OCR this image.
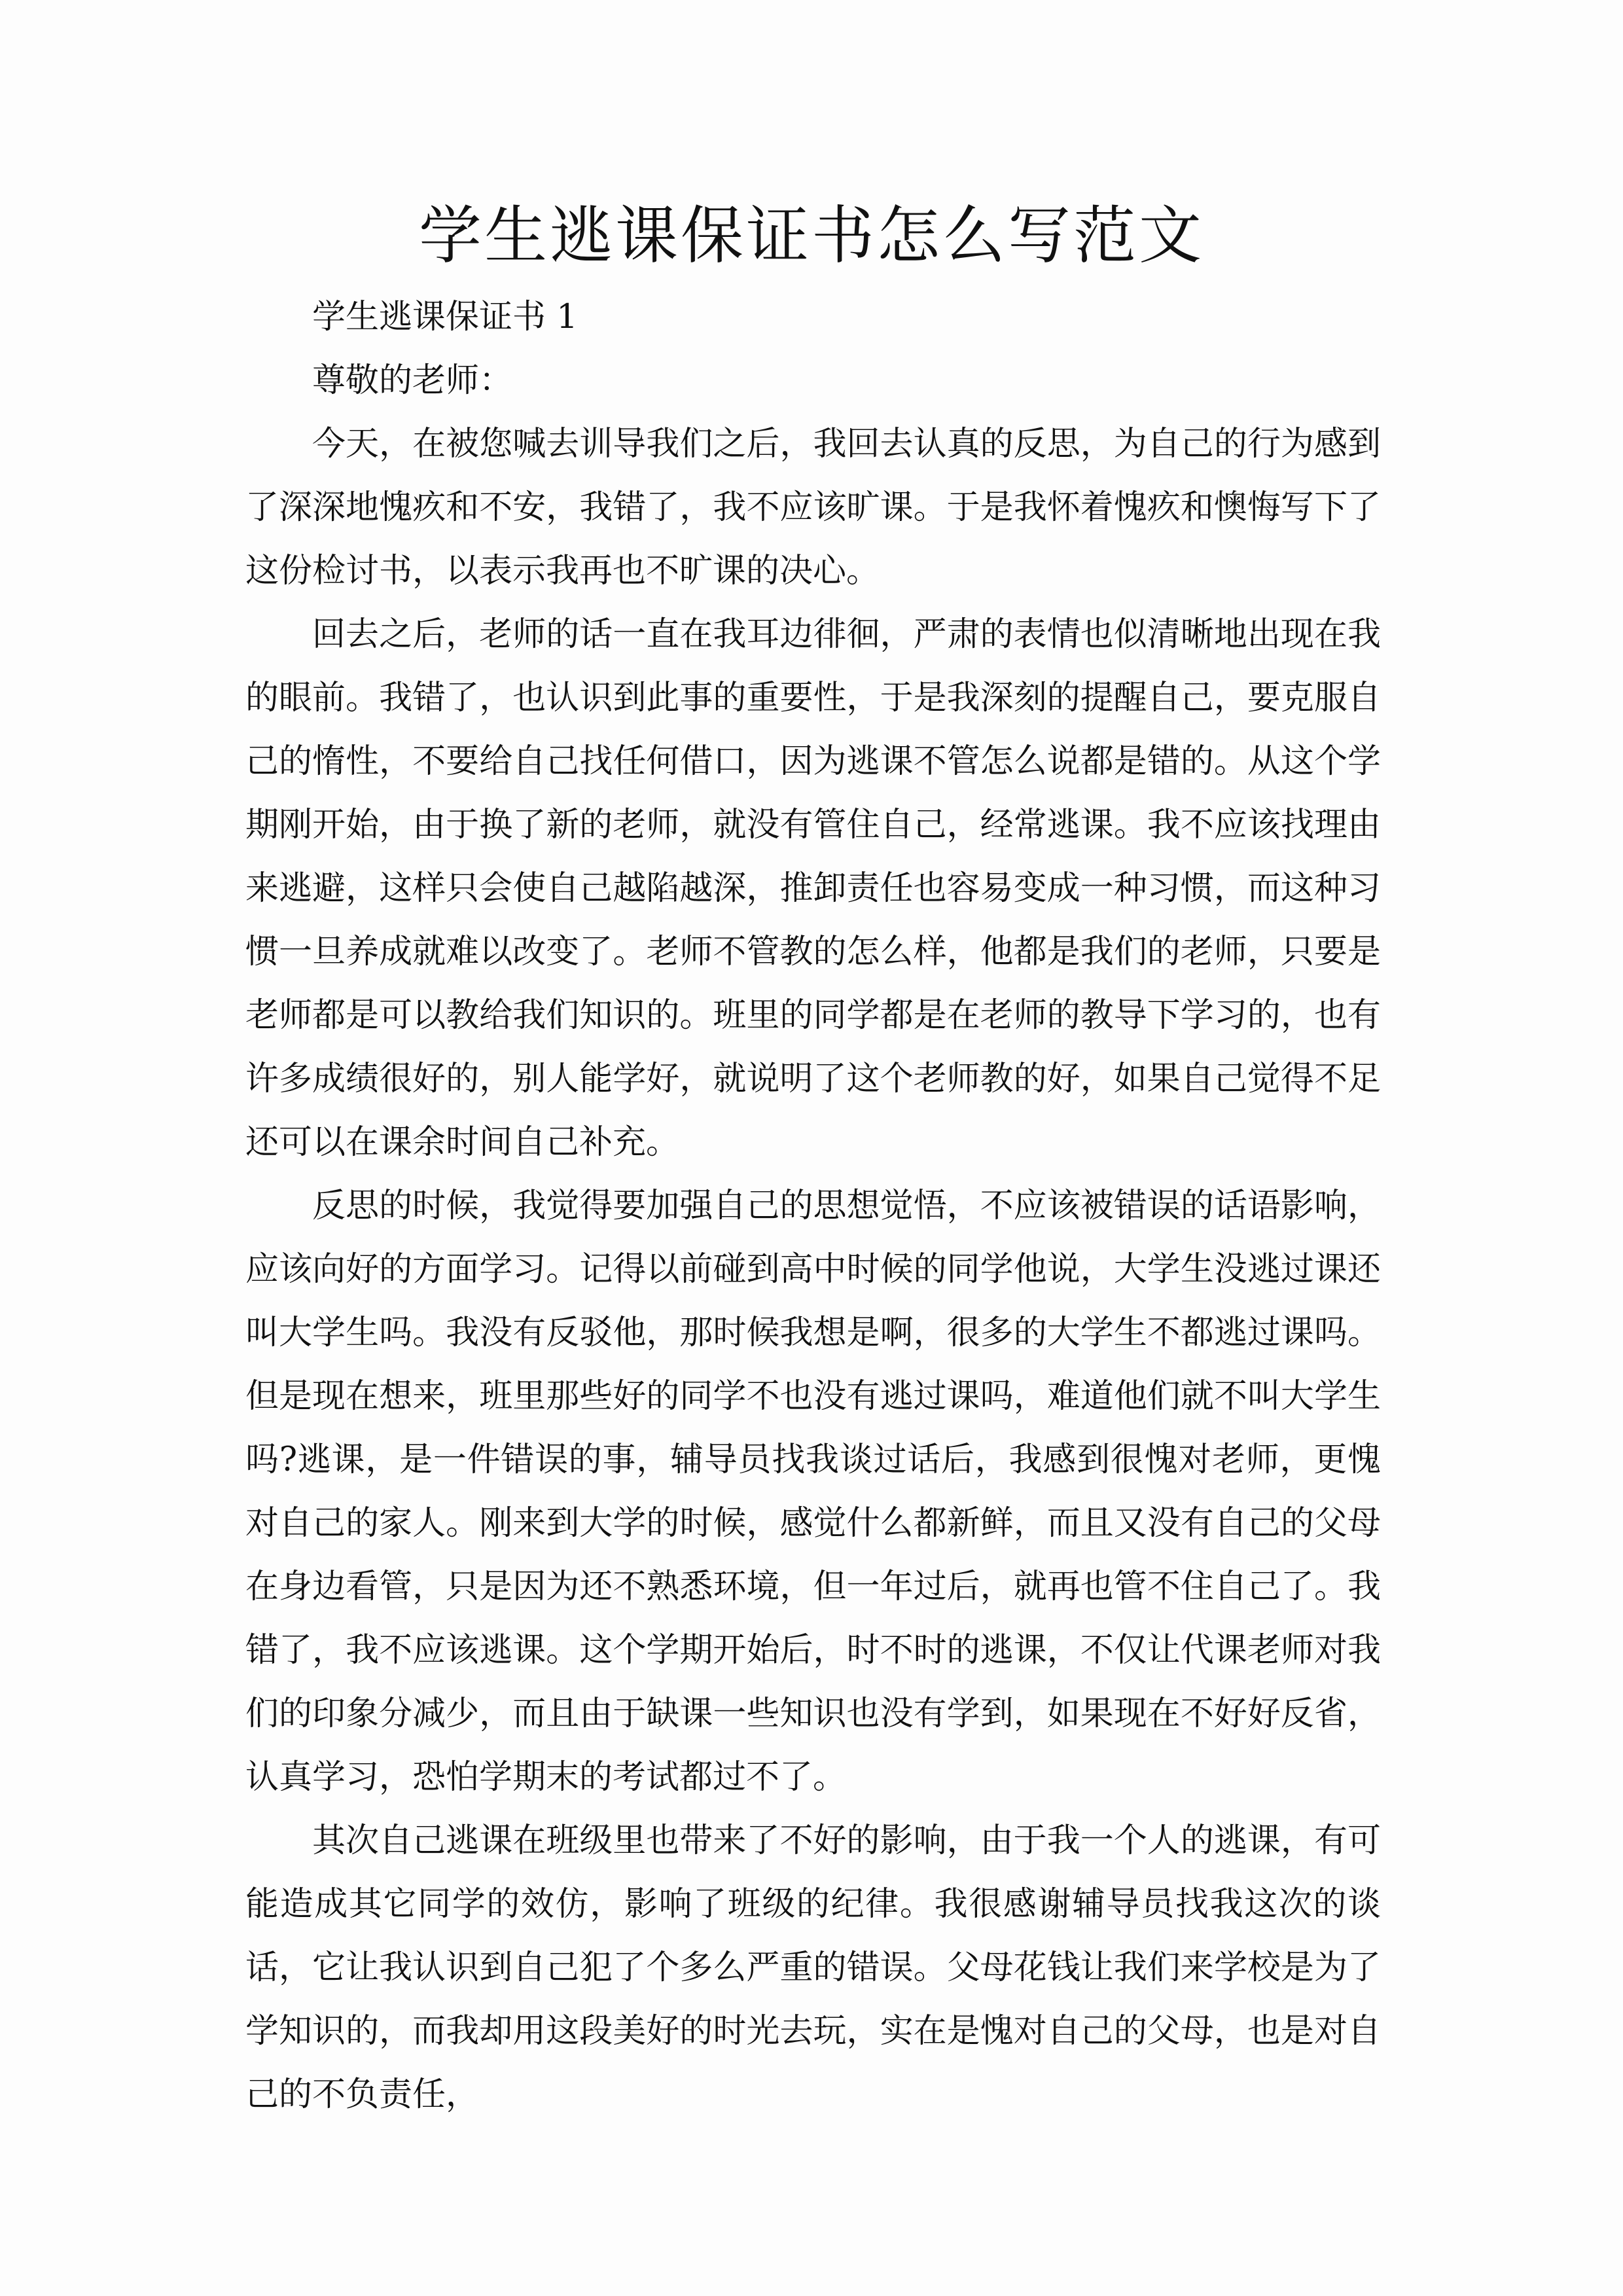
学生逃课保证书怎么写范文

学生逃课保证书 1

尊敬的老师：

今天，在被您喊去训导我们之后，我回去认真的反思，为自己的行为感到了深深地愧疚和不安，我错了，我不应该旷课。于是我怀着愧疚和懊悔写下了这份检讨书，以表示我再也不旷课的决心。

回去之后，老师的话一直在我耳边徘徊，严肃的表情也似清晰地出现在我的眼前。我错了，也认识到此事的重要性，于是我深刻的提醒自己，要克服自己的惰性，不要给自己找任何借口，因为逃课不管怎么说都是错的。从这个学期刚开始，由于换了新的老师，就没有管住自己，经常逃课。我不应该找理由来逃避，这样只会使自己越陷越深，推卸责任也容易变成一种习惯，而这种习惯一旦养成就难以改变了。老师不管教的怎么样，他都是我们的老师，只要是老师都是可以教给我们知识的。班里的同学都是在老师的教导下学习的，也有许多成绩很好的，别人能学好，就说明了这个老师教的好，如果自己觉得不足还可以在课余时间自己补充。

反思的时候，我觉得要加强自己的思想觉悟，不应该被错误的话语影响，应该向好的方面学习。记得以前碰到高中时候的同学他说，大学生没逃过课还叫大学生吗。我没有反驳他，那时候我想是啊，很多的大学生不都逃过课吗。但是现在想来，班里那些好的同学不也没有逃过课吗，难道他们就不叫大学生吗?逃课，是一件错误的事，辅导员找我谈过话后，我感到很愧对老师，更愧对自己的家人。刚来到大学的时候，感觉什么都新鲜，而且又没有自己的父母在身边看管，只是因为还不熟悉环境，但一年过后，就再也管不住自己了。我错了，我不应该逃课。这个学期开始后，时不时的逃课，不仅让代课老师对我们的印象分减少，而且由于缺课一些知识也没有学到，如果现在不好好反省，认真学习，恐怕学期末的考试都过不了。

其次自己逃课在班级里也带来了不好的影响，由于我一个人的逃课，有可能造成其它同学的效仿，影响了班级的纪律。我很感谢辅导员找我这次的谈话，它让我认识到自己犯了个多么严重的错误。父母花钱让我们来学校是为了学知识的，而我却用这段美好的时光去玩，实在是愧对自己的父母，也是对自己的不负责任，
